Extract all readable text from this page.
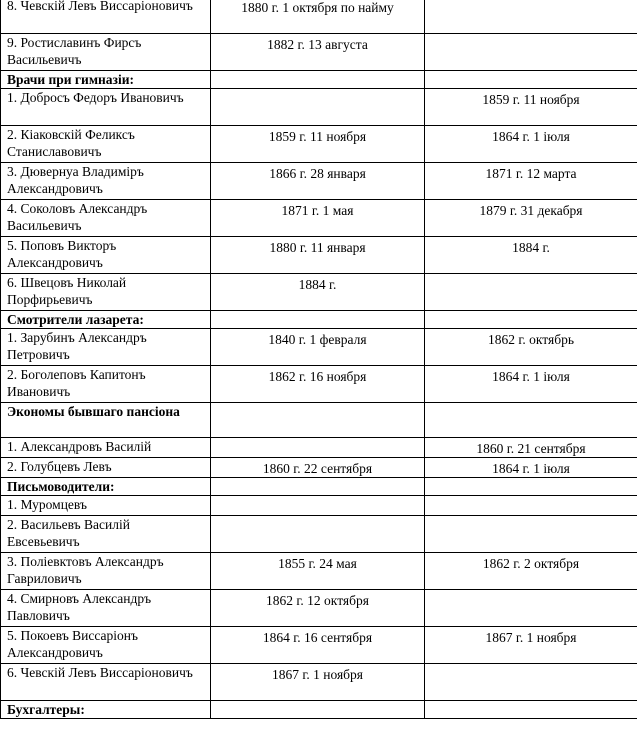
8. Чевскій Левъ Виссаріоновичъ	1880 г. 1 октября по найму	
9. Ростиславинъ Фирсъ Васильевичъ	1882 г. 13 августа	
Врачи при гимназіи:		
1. Доброcъ Федоръ Ивановичъ		1859 г. 11 ноября
2. Кіаковскій Феликсъ Станиславовичъ	1859 г. 11 ноября	1864 г. 1 іюля
3. Дювернуа Владиміръ Александровичъ	1866 г. 28 января	1871 г. 12 марта
4. Соколовъ Александръ Васильевичъ	1871 г. 1 мая	1879 г. 31 декабря
5. Поповъ Викторъ Александровичъ	1880 г. 11 января	1884 г.
6. Швецовъ Николай Порфирьевичъ	1884 г.	
Смотрители лазарета:		
1. Зарубинъ Александръ Петровичъ	1840 г. 1 февраля	1862 г. октябрь
2. Боголеповъ Капитонъ Ивановичъ	1862 г. 16 ноября	1864 г. 1 іюля
Экономы бывшаго пансіона		
1. Александровъ Василій		1860 г. 21 сентября
2. Голубцевъ Левъ	1860 г. 22 сентября	1864 г. 1 іюля
Письмоводители:		
1. Муромцевъ		
2. Васильевъ Василій Евсевьевичъ		
3. Поліевктовъ Александръ Гавриловичъ	1855 г. 24 мая	1862 г. 2 октября
4. Смирновъ Александръ Павловичъ	1862 г. 12 октября	
5. Покоевъ Виссаріонъ Александровичъ	1864 г. 16 сентября	1867 г. 1 ноября
6. Чевскій Левъ Виссаріоновичъ	1867 г. 1 ноября	
Бухгалтеры:		
